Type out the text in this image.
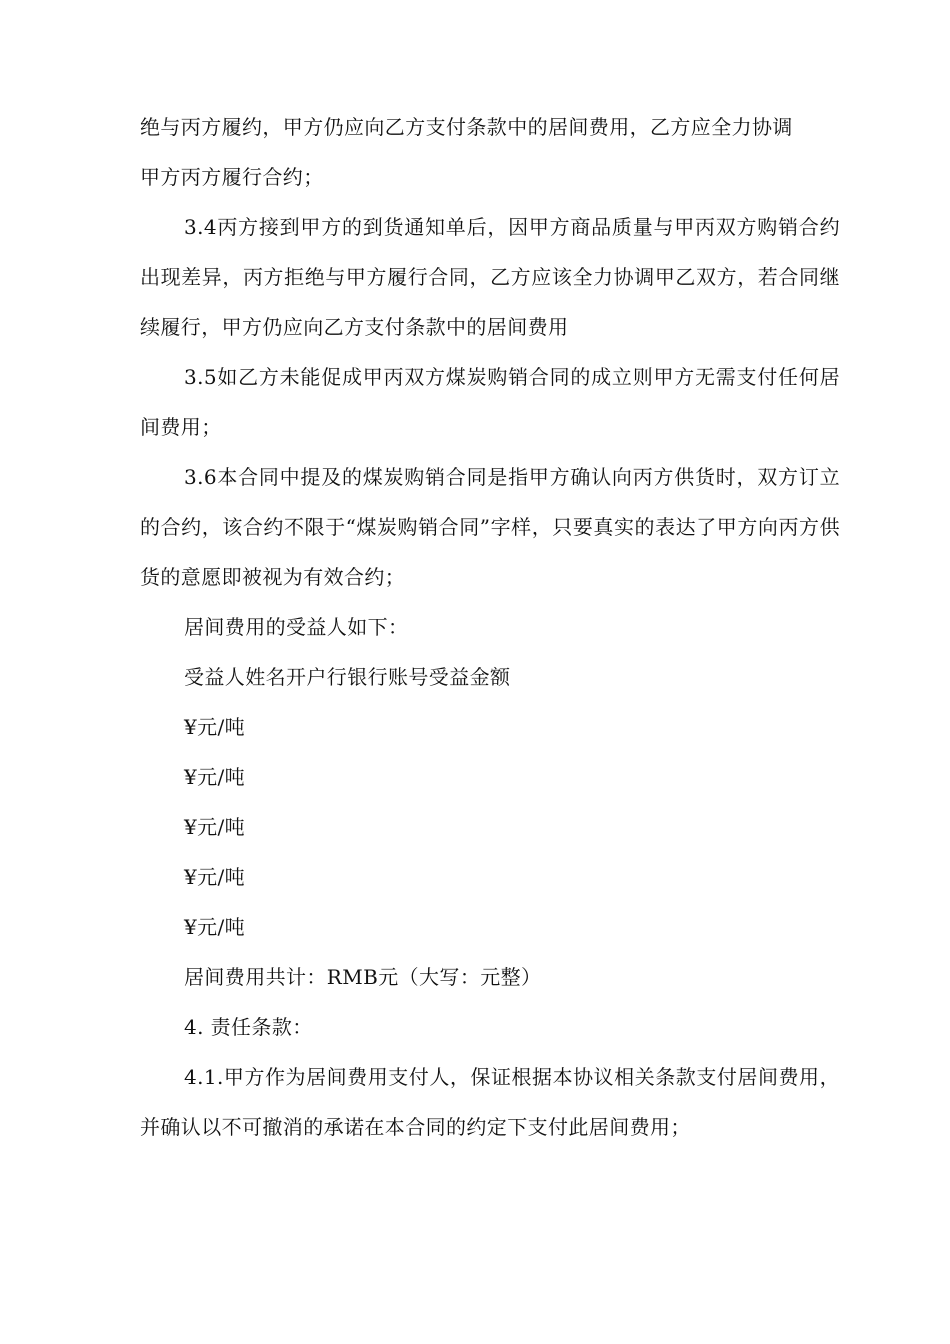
绝与丙方履约，甲方仍应向乙方支付条款中的居间费用，乙方应全力协调

甲方丙方履行合约；

3.4丙方接到甲方的到货通知单后，因甲方商品质量与甲丙双方购销合约出现差异，丙方拒绝与甲方履行合同，乙方应该全力协调甲乙双方，若合同继续履行，甲方仍应向乙方支付条款中的居间费用

3.5如乙方未能促成甲丙双方煤炭购销合同的成立则甲方无需支付任何居间费用；

3.6本合同中提及的煤炭购销合同是指甲方确认向丙方供货时，双方订立的合约，该合约不限于“煤炭购销合同”字样，只要真实的表达了甲方向丙方供货的意愿即被视为有效合约；

居间费用的受益人如下：

受益人姓名开户行银行账号受益金额

¥元/吨

¥元/吨

¥元/吨

¥元/吨

¥元/吨

居间费用共计：RMB元（大写：元整）

4. 责任条款：

4.1.甲方作为居间费用支付人，保证根据本协议相关条款支付居间费用，并确认以不可撤消的承诺在本合同的约定下支付此居间费用；
